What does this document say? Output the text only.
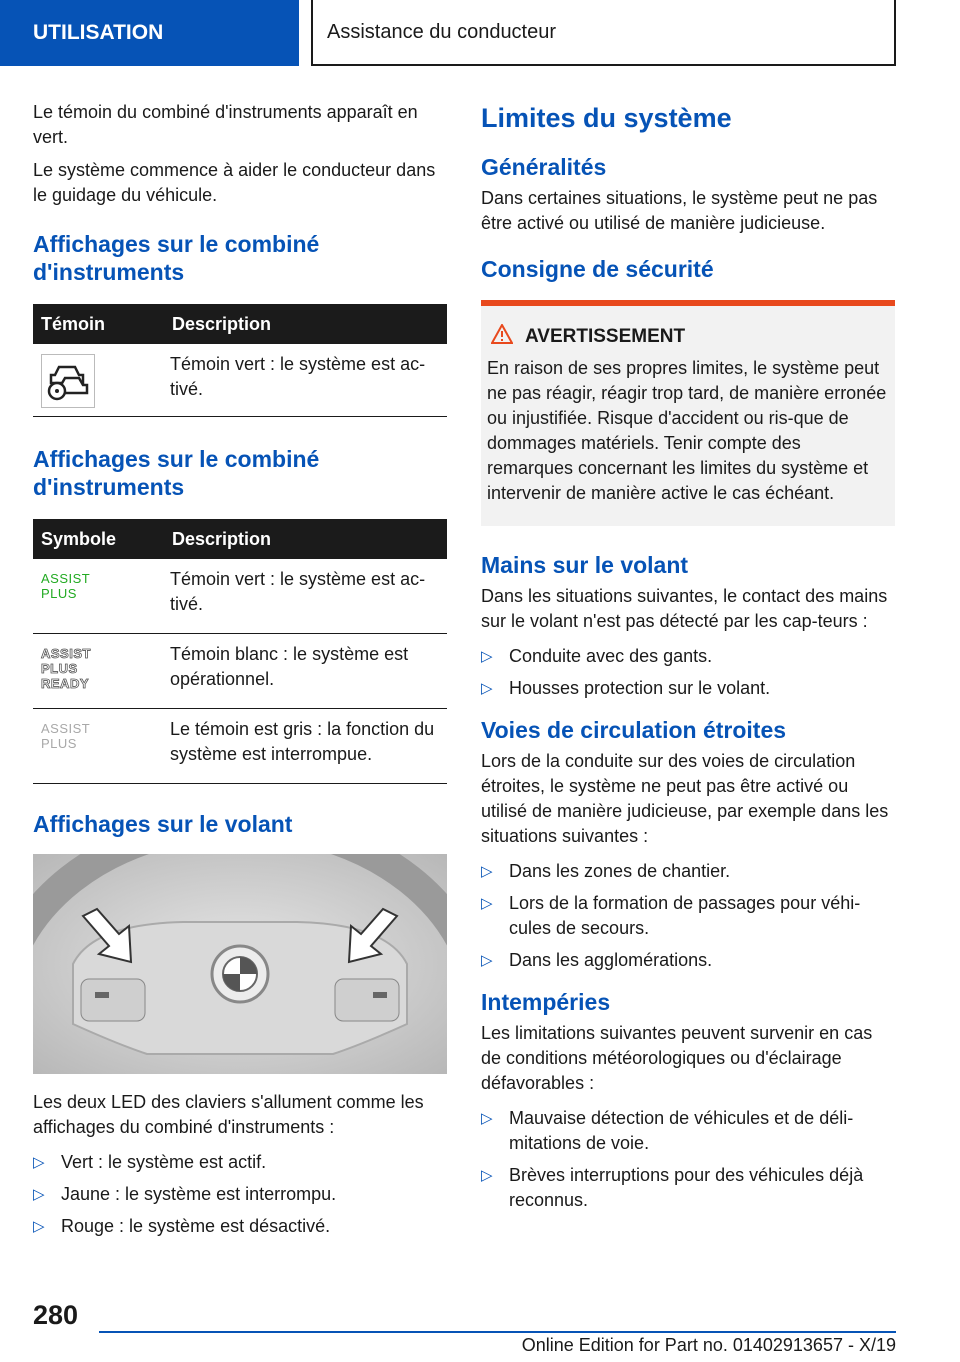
UTILISATION	Assistance du conducteur

Le témoin du combiné d'instruments apparaît en vert.

Le système commence à aider le conducteur dans le guidage du véhicule.

Affichages sur le combiné d'instruments
Témoin	Description

	Témoin vert : le système est ac-tivé.
Affichages sur le combiné d'instruments
Symbole	Description

ASSIST
PLUS	Témoin vert : le système est ac-tivé.

ASSIST
PLUS
READY	Témoin blanc : le système est opérationnel.

ASSIST
PLUS	Le témoin est gris : la fonction du système est interrompue.
Affichages sur le volant

Les deux LED des claviers s'allument comme les affichages du combiné d'instruments :

▷ Vert : le système est actif.
▷ Jaune : le système est interrompu.
▷ Rouge : le système est désactivé.
Limites du système
Généralités

Dans certaines situations, le système peut ne pas être activé ou utilisé de manière judicieuse.

Consigne de sécurité
AVERTISSEMENT

En raison de ses propres limites, le système peut ne pas réagir, réagir trop tard, de manière erronée ou injustifiée. Risque d'accident ou ris-que de dommages matériels. Tenir compte des remarques concernant les limites du système et intervenir de manière active le cas échéant.

Mains sur le volant

Dans les situations suivantes, le contact des mains sur le volant n'est pas détecté par les cap-teurs :

▷ Conduite avec des gants.
▷ Housses protection sur le volant.
Voies de circulation étroites

Lors de la conduite sur des voies de circulation étroites, le système ne peut pas être activé ou utilisé de manière judicieuse, par exemple dans les situations suivantes :

▷ Dans les zones de chantier.
▷ Lors de la formation de passages pour véhi-cules de secours.
▷ Dans les agglomérations.
Intempéries

Les limitations suivantes peuvent survenir en cas de conditions météorologiques ou d'éclairage défavorables :

▷ Mauvaise détection de véhicules et de déli-mitations de voie.
▷ Brèves interruptions pour des véhicules déjà reconnus.
280
Online Edition for Part no. 01402913657 - X/19
